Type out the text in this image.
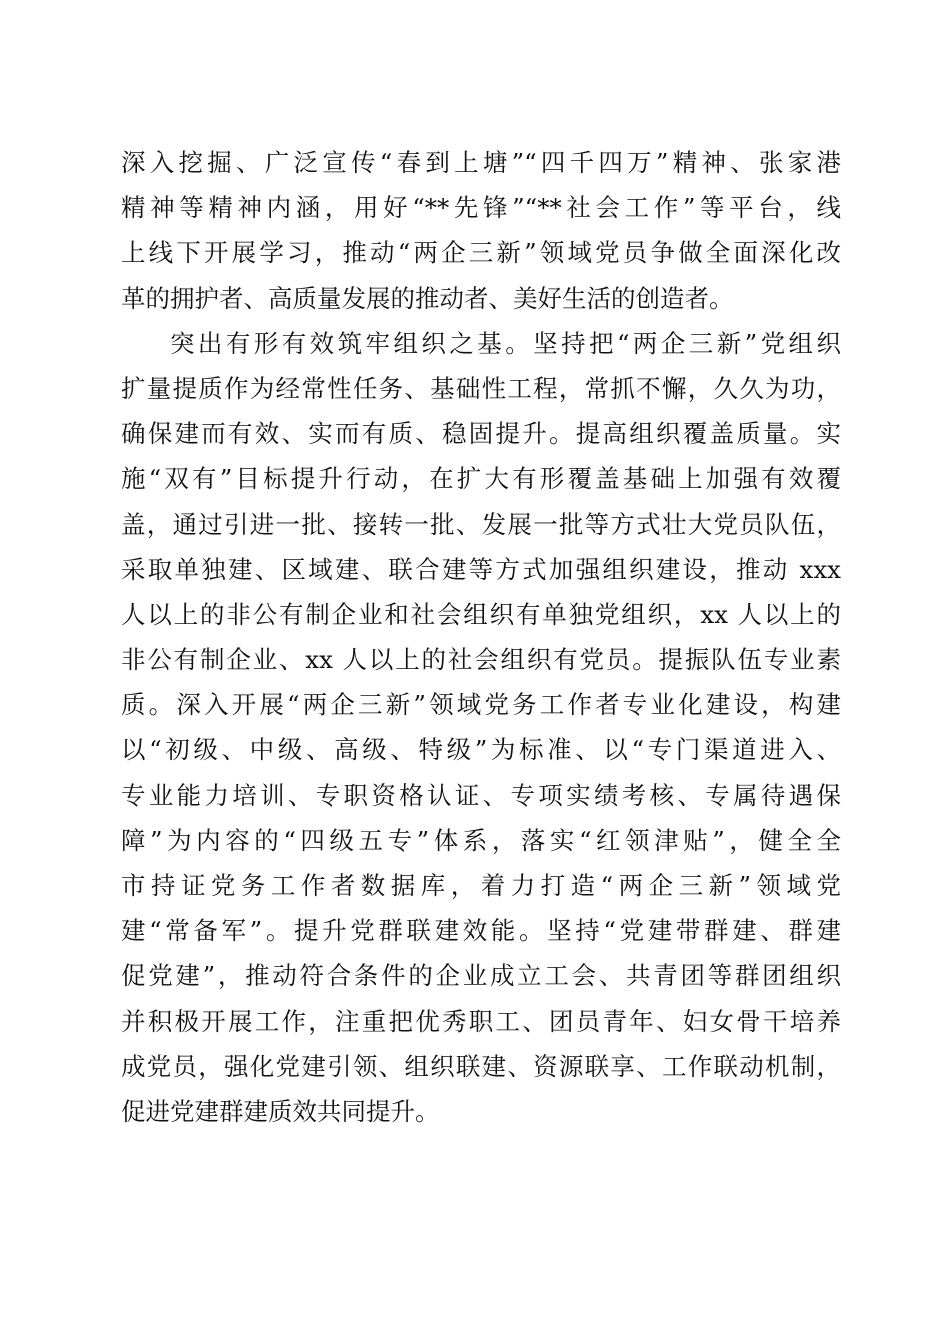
深入挖掘、广泛宣传“春到上塘”“四千四万”精神、张家港
精神等精神内涵，用好“**先锋”“**社会工作”等平台，线
上线下开展学习，推动“两企三新”领域党员争做全面深化改
革的拥护者、高质量发展的推动者、美好生活的创造者。
突出有形有效筑牢组织之基。坚持把“两企三新”党组织
扩量提质作为经常性任务、基础性工程，常抓不懈，久久为功，
确保建而有效、实而有质、稳固提升。提高组织覆盖质量。实
施“双有”目标提升行动，在扩大有形覆盖基础上加强有效覆
盖，通过引进一批、接转一批、发展一批等方式壮大党员队伍，
采取单独建、区域建、联合建等方式加强组织建设，推动 xxx
人以上的非公有制企业和社会组织有单独党组织，xx 人以上的
非公有制企业、xx 人以上的社会组织有党员。提振队伍专业素
质。深入开展“两企三新”领域党务工作者专业化建设，构建
以“初级、中级、高级、特级”为标准、以“专门渠道进入、
专业能力培训、专职资格认证、专项实绩考核、专属待遇保
障”为内容的“四级五专”体系，落实“红领津贴”，健全全
市持证党务工作者数据库，着力打造“两企三新”领域党
建“常备军”。提升党群联建效能。坚持“党建带群建、群建
促党建”，推动符合条件的企业成立工会、共青团等群团组织
并积极开展工作，注重把优秀职工、团员青年、妇女骨干培养
成党员，强化党建引领、组织联建、资源联享、工作联动机制，
促进党建群建质效共同提升。
